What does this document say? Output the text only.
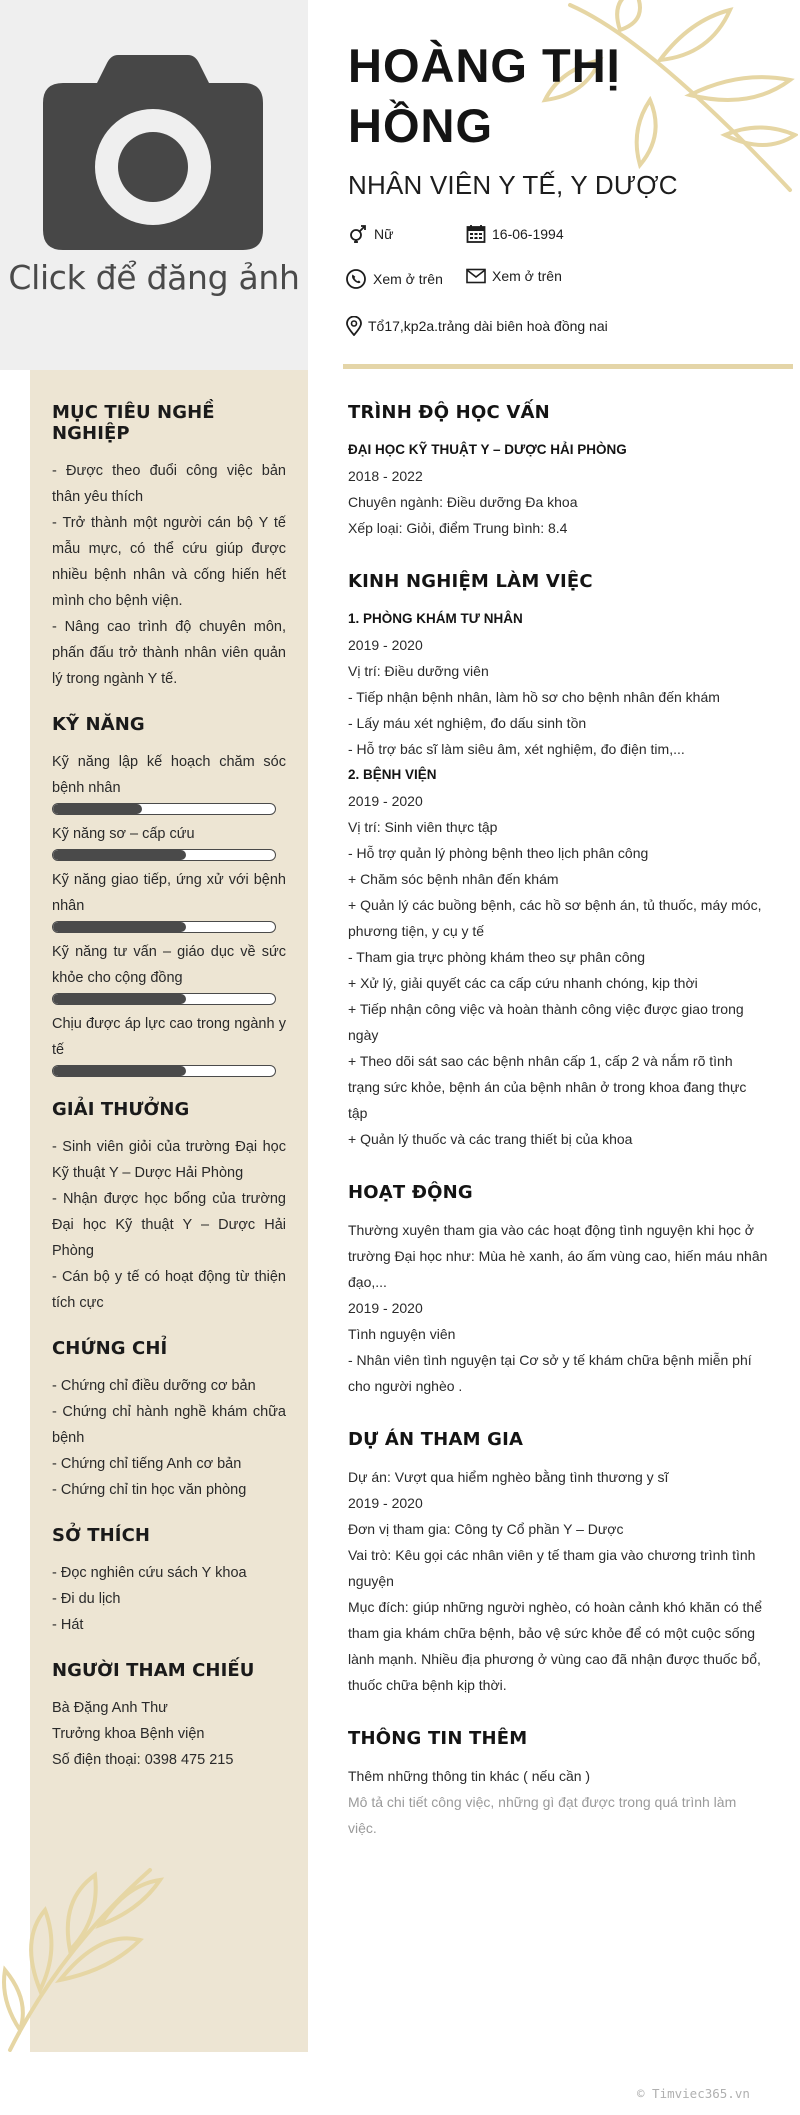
Click để đăng ảnh
HOÀNG THỊ HỒNG
NHÂN VIÊN Y TẾ, Y DƯỢC
Nữ	16-06-1994
Xem ở trên	Xem ở trên
Tổ17,kp2a.trảng dài biên hoà đồng nai
MỤC TIÊU NGHỀ NGHIỆP
- Được theo đuổi công việc bản thân yêu thích
- Trở thành một người cán bộ Y tế mẫu mực, có thể cứu giúp được nhiều bệnh nhân và cống hiến hết mình cho bệnh viện.
- Nâng cao trình độ chuyên môn, phấn đấu trở thành nhân viên quản lý trong ngành Y tế.
KỸ NĂNG
Kỹ năng lập kế hoạch chăm sóc bệnh nhân
Kỹ năng sơ – cấp cứu
Kỹ năng giao tiếp, ứng xử với bệnh nhân
Kỹ năng tư vấn – giáo dục về sức khỏe cho cộng đồng
Chịu được áp lực cao trong ngành y tế
GIẢI THƯỞNG
- Sinh viên giỏi của trường Đại học Kỹ thuật Y – Dược Hải Phòng
- Nhận được học bổng của trường Đại học Kỹ thuật Y – Dược Hải Phòng
- Cán bộ y tế có hoạt động từ thiện tích cực
CHỨNG CHỈ
- Chứng chỉ điều dưỡng cơ bản
- Chứng chỉ hành nghề khám chữa bệnh
- Chứng chỉ tiếng Anh cơ bản
- Chứng chỉ tin học văn phòng
SỞ THÍCH
- Đọc nghiên cứu sách Y khoa
- Đi du lịch
- Hát
NGƯỜI THAM CHIẾU
Bà Đặng Anh Thư
Trưởng khoa Bệnh viện
Số điện thoại: 0398 475 215
TRÌNH ĐỘ HỌC VẤN
ĐẠI HỌC KỸ THUẬT Y – DƯỢC HẢI PHÒNG
2018 - 2022
Chuyên ngành: Điều dưỡng Đa khoa
Xếp loại: Giỏi, điểm Trung bình: 8.4
KINH NGHIỆM LÀM VIỆC
1. PHÒNG KHÁM TƯ NHÂN
2019 - 2020
Vị trí: Điều dưỡng viên
- Tiếp nhận bệnh nhân, làm hồ sơ cho bệnh nhân đến khám
- Lấy máu xét nghiệm, đo dấu sinh tồn
- Hỗ trợ bác sĩ làm siêu âm, xét nghiệm, đo điện tim,...
2. BỆNH VIỆN
2019 - 2020
Vị trí: Sinh viên thực tập
- Hỗ trợ quản lý phòng bệnh theo lịch phân công
+ Chăm sóc bệnh nhân đến khám
+ Quản lý các buồng bệnh, các hồ sơ bệnh án, tủ thuốc, máy móc, phương tiện, y cụ y tế
- Tham gia trực phòng khám theo sự phân công
+ Xử lý, giải quyết các ca cấp cứu nhanh chóng, kịp thời
+ Tiếp nhận công việc và hoàn thành công việc được giao trong ngày
+ Theo dõi sát sao các bệnh nhân cấp 1, cấp 2 và nắm rõ tình trạng sức khỏe, bệnh án của bệnh nhân ở trong khoa đang thực tập
+ Quản lý thuốc và các trang thiết bị của khoa
HOẠT ĐỘNG
Thường xuyên tham gia vào các hoạt động tình nguyện khi học ở trường Đại học như: Mùa hè xanh, áo ấm vùng cao, hiến máu nhân đạo,...
2019 - 2020
Tình nguyện viên
- Nhân viên tình nguyện tại Cơ sở y tế khám chữa bệnh miễn phí cho người nghèo .
DỰ ÁN THAM GIA
Dự án: Vượt qua hiểm nghèo bằng tình thương y sĩ
2019 - 2020
Đơn vị tham gia: Công ty Cổ phần Y – Dược
Vai trò: Kêu gọi các nhân viên y tế tham gia vào chương trình tình nguyện
Mục đích: giúp những người nghèo, có hoàn cảnh khó khăn có thể tham gia khám chữa bệnh, bảo vệ sức khỏe để có một cuộc sống lành mạnh. Nhiều địa phương ở vùng cao đã nhận được thuốc bổ, thuốc chữa bệnh kịp thời.
THÔNG TIN THÊM
Thêm những thông tin khác ( nếu cần )
Mô tả chi tiết công việc, những gì đạt được trong quá trình làm việc.
© Timviec365.vn
